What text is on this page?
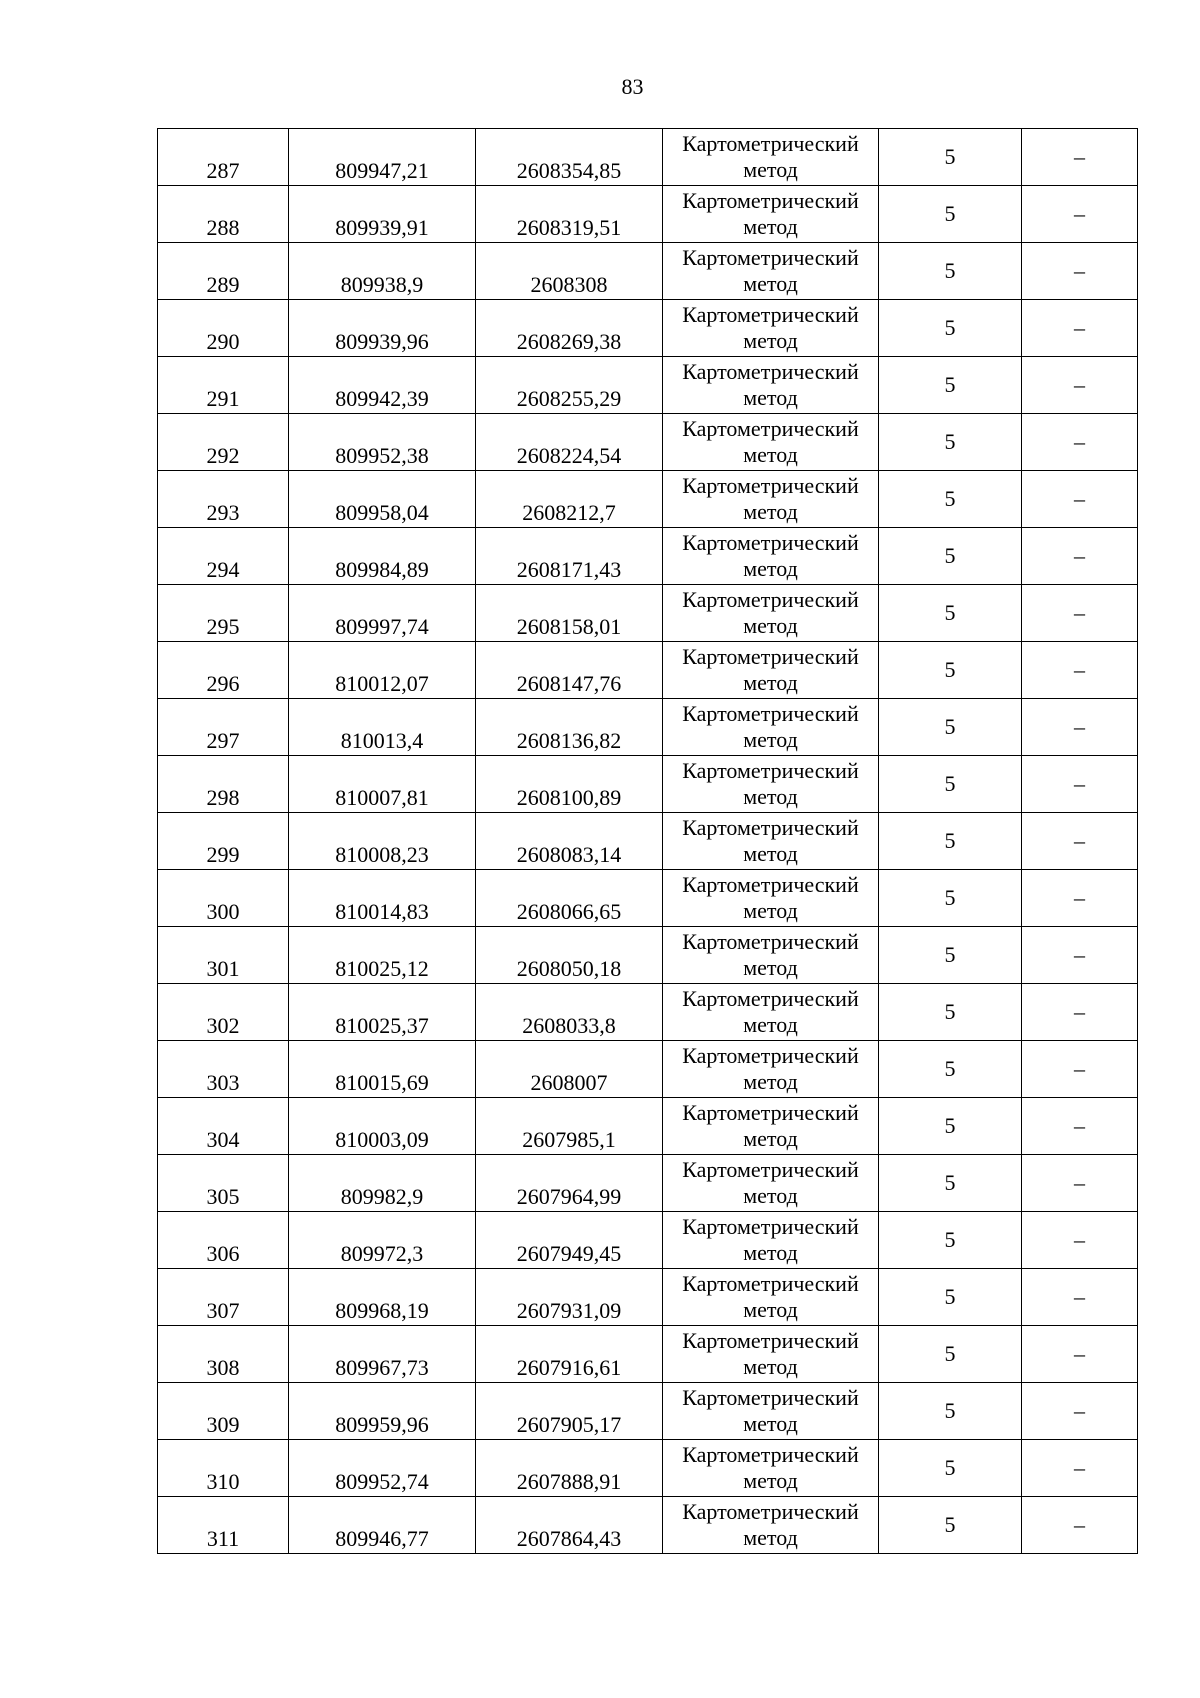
83
287	809947,21	2608354,85	Картометрический
метод	5	–
288	809939,91	2608319,51	Картометрический
метод	5	–
289	809938,9	2608308	Картометрический
метод	5	–
290	809939,96	2608269,38	Картометрический
метод	5	–
291	809942,39	2608255,29	Картометрический
метод	5	–
292	809952,38	2608224,54	Картометрический
метод	5	–
293	809958,04	2608212,7	Картометрический
метод	5	–
294	809984,89	2608171,43	Картометрический
метод	5	–
295	809997,74	2608158,01	Картометрический
метод	5	–
296	810012,07	2608147,76	Картометрический
метод	5	–
297	810013,4	2608136,82	Картометрический
метод	5	–
298	810007,81	2608100,89	Картометрический
метод	5	–
299	810008,23	2608083,14	Картометрический
метод	5	–
300	810014,83	2608066,65	Картометрический
метод	5	–
301	810025,12	2608050,18	Картометрический
метод	5	–
302	810025,37	2608033,8	Картометрический
метод	5	–
303	810015,69	2608007	Картометрический
метод	5	–
304	810003,09	2607985,1	Картометрический
метод	5	–
305	809982,9	2607964,99	Картометрический
метод	5	–
306	809972,3	2607949,45	Картометрический
метод	5	–
307	809968,19	2607931,09	Картометрический
метод	5	–
308	809967,73	2607916,61	Картометрический
метод	5	–
309	809959,96	2607905,17	Картометрический
метод	5	–
310	809952,74	2607888,91	Картометрический
метод	5	–
311	809946,77	2607864,43	Картометрический
метод	5	–
